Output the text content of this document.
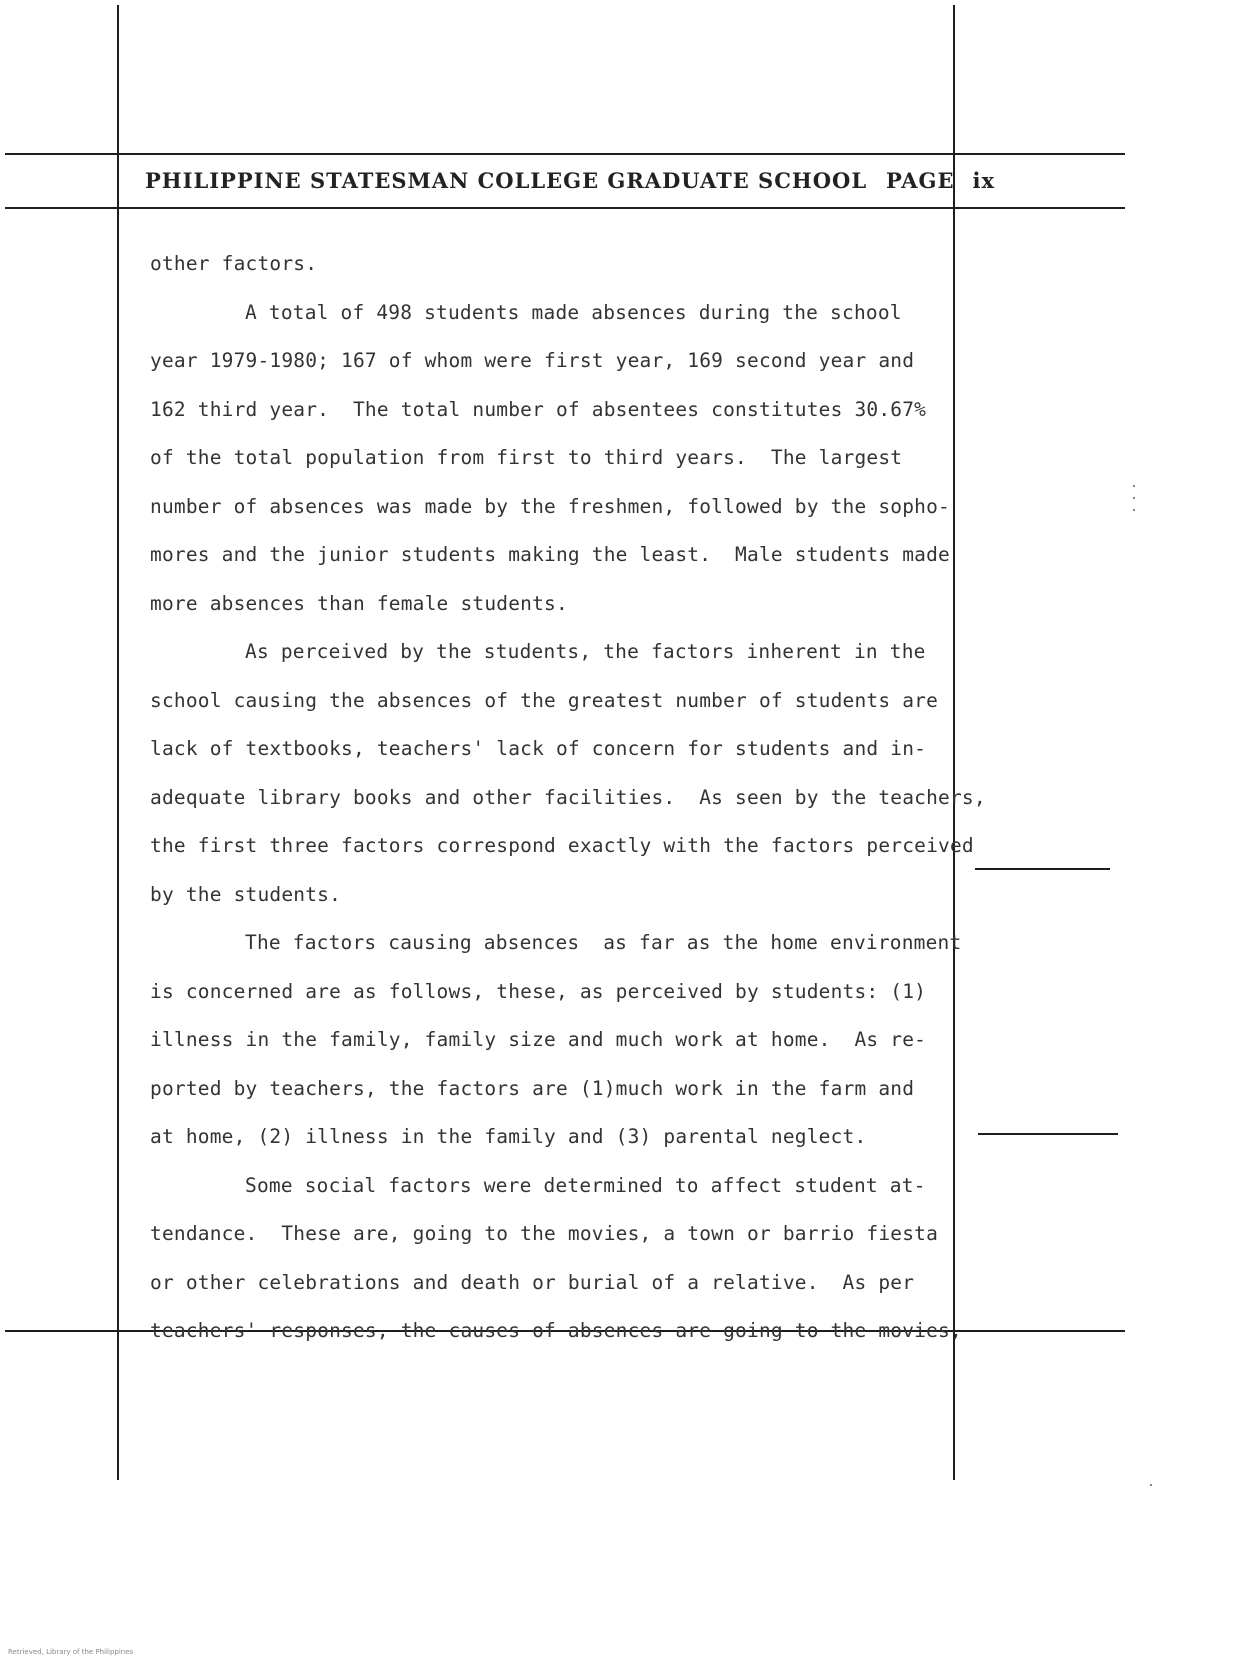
PHILIPPINE STATESMAN COLLEGE GRADUATE SCHOOL PAGE ix

other factors.

A total of 498 students made absences during the school
year 1979-1980; 167 of whom were first year, 169 second year and
162 third year.  The total number of absentees constitutes 30.67%
of the total population from first to third years.  The largest
number of absences was made by the freshmen, followed by the sopho-
mores and the junior students making the least.  Male students made
more absences than female students.

As perceived by the students, the factors inherent in the
school causing the absences of the greatest number of students are
lack of textbooks, teachers' lack of concern for students and in-
adequate library books and other facilities.  As seen by the teachers,
the first three factors correspond exactly with the factors perceived
by the students.

The factors causing absences  as far as the home environment
is concerned are as follows, these, as perceived by students: (1)
illness in the family, family size and much work at home.  As re-
ported by teachers, the factors are (1)much work in the farm and
at home, (2) illness in the family and (3) parental neglect.

Some social factors were determined to affect student at-
tendance.  These are, going to the movies, a town or barrio fiesta
or other celebrations and death or burial of a relative.  As per
teachers' responses, the causes of absences are going to the movies,

Retrieved, Library of the Philippines
